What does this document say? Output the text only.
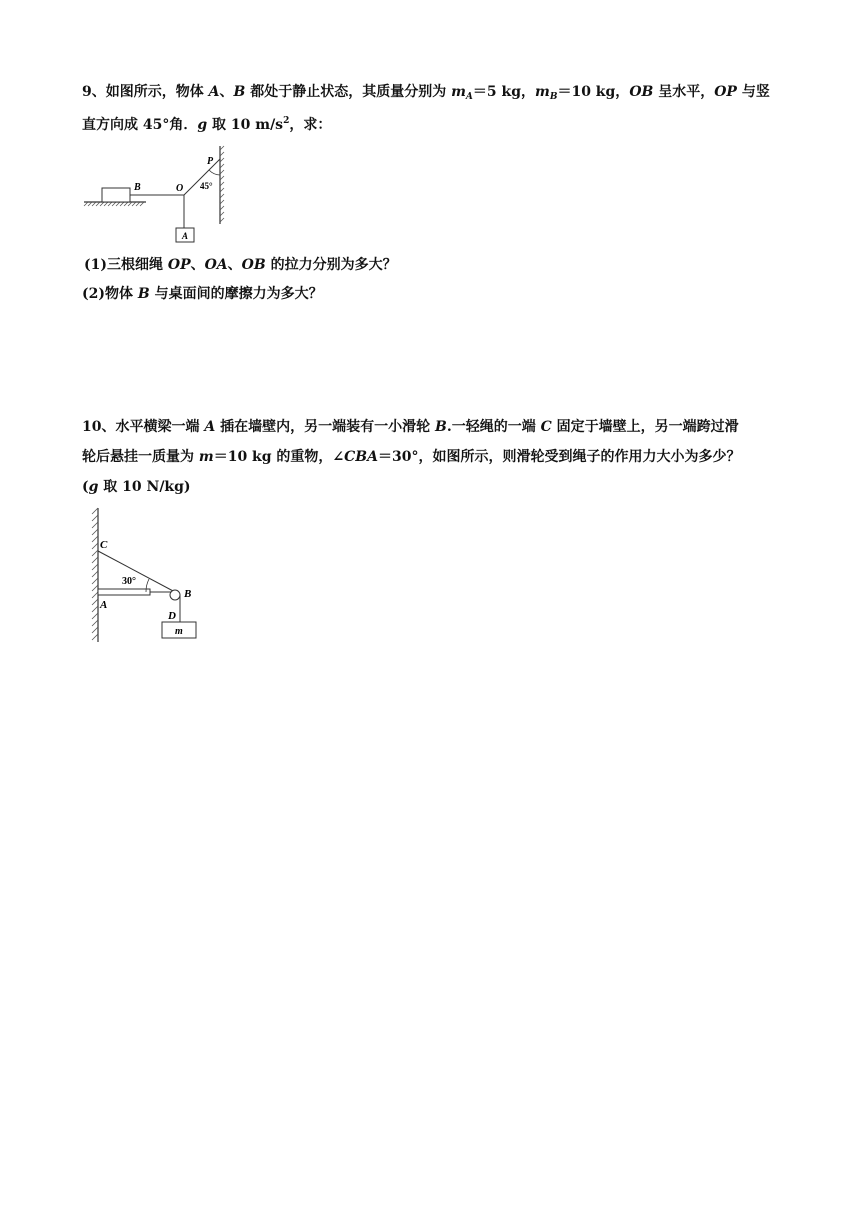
9、如图所示，物体 A、B 都处于静止状态，其质量分别为 $m_A=5$ kg，$m_B=10$ kg，OB 呈水平，OP 与竖
直方向成 45°角．g 取 10 $m/s^2$，求：
B	O
P
45°
A
(1)三根细绳 OP、OA、OB 的拉力分别为多大？
(2)物体 B 与桌面间的摩擦力为多大？
10、水平横梁一端 A 插在墙壁内，另一端装有一小滑轮 B.一轻绳的一端 C 固定于墙壁上，另一端跨过滑
轮后悬挂一质量为 m＝10 kg 的重物，∠CBA＝30°，如图所示，则滑轮受到绳子的作用力大小为多少？
(g 取 10 N/kg)
C
A
30°
B
D
m
